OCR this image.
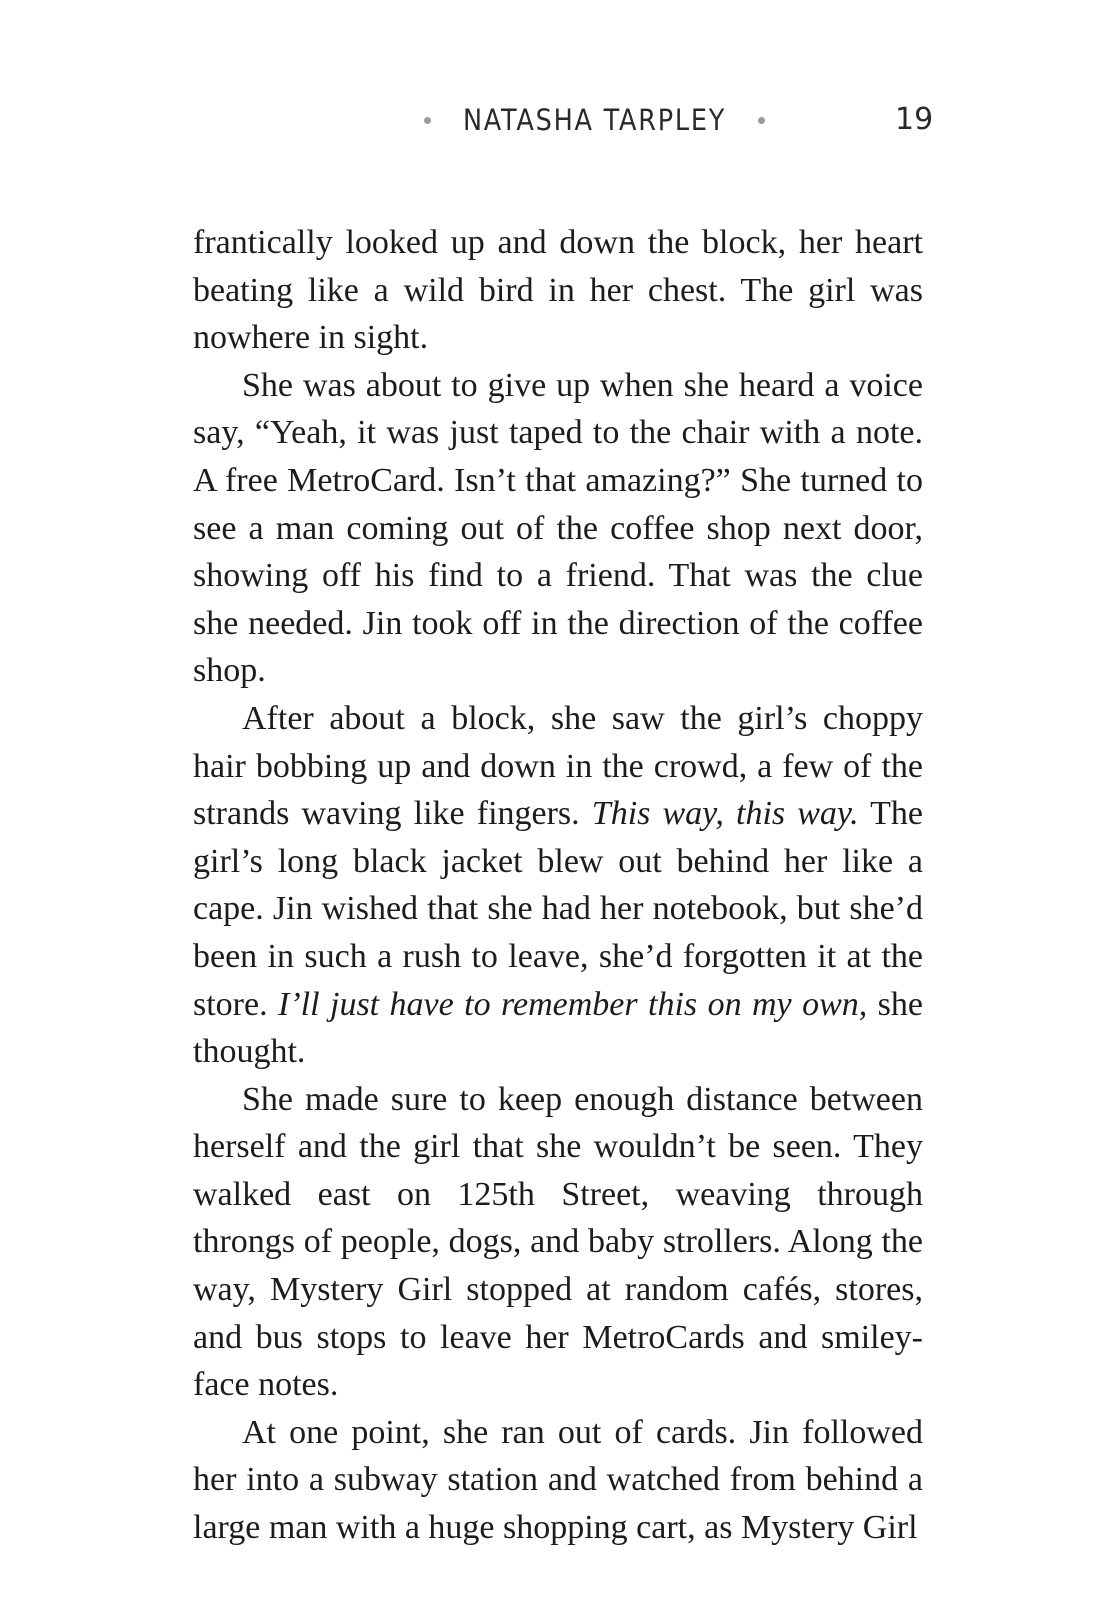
NATASHA TARPLEY	19

frantically looked up and down the block, her heart beating like a wild bird in her chest. The girl was nowhere in sight.

She was about to give up when she heard a voice say, “Yeah, it was just taped to the chair with a note. A free MetroCard. Isn’t that amazing?” She turned to see a man coming out of the coffee shop next door, showing off his find to a friend. That was the clue she needed. Jin took off in the direction of the coffee shop.

After about a block, she saw the girl’s choppy hair bobbing up and down in the crowd, a few of the strands waving like fingers. This way, this way. The girl’s long black jacket blew out behind her like a cape. Jin wished that she had her notebook, but she’d been in such a rush to leave, she’d forgotten it at the store. I’ll just have to remember this on my own, she thought.

She made sure to keep enough distance between herself and the girl that she wouldn’t be seen. They walked east on 125th Street, weaving through throngs of people, dogs, and baby strollers. Along the way, Mystery Girl stopped at random cafés, stores, and bus stops to leave her MetroCards and smiley-face notes.

At one point, she ran out of cards. Jin followed her into a subway station and watched from behind a large man with a huge shopping cart, as Mystery Girl
